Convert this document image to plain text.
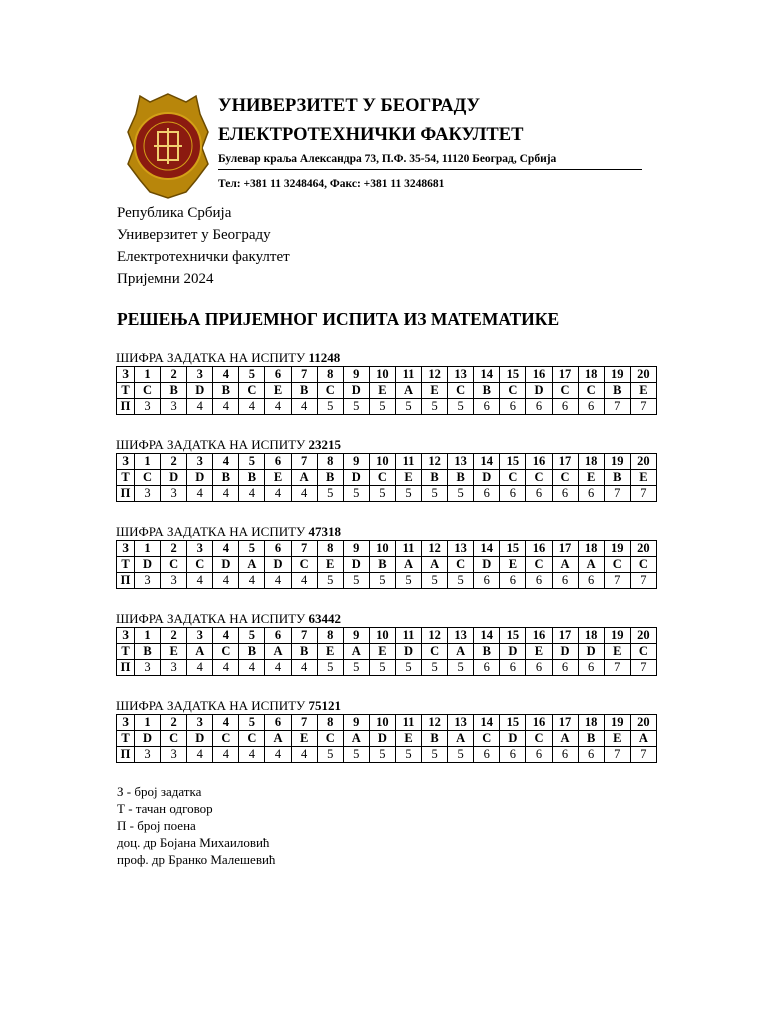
УНИВЕРЗИТЕТ У БЕОГРАДУ
ЕЛЕКТРОТЕХНИЧКИ ФАКУЛТЕТ
Булевар краља Александра 73, П.Ф. 35-54, 11120 Београд, Србија
Тел: +381 11 3248464, Факс: +381 11 3248681
Република Србија
Универзитет у Београду
Електротехнички факултет
Пријемни 2024
РЕШЕЊА ПРИЈЕМНОГ ИСПИТА ИЗ МАТЕМАТИКЕ
ШИФРА ЗАДАТКА НА ИСПИТУ 11248
З	1	2	3	4	5	6	7	8	9	10	11	12	13	14	15	16	17	18	19	20
Т	C	B	D	B	C	E	B	C	D	E	A	E	C	B	C	D	C	C	B	E
П	3	3	4	4	4	4	4	5	5	5	5	5	5	6	6	6	6	6	7	7
ШИФРА ЗАДАТКА НА ИСПИТУ 23215
З	1	2	3	4	5	6	7	8	9	10	11	12	13	14	15	16	17	18	19	20
Т	C	D	D	B	B	E	A	B	D	C	E	B	B	D	C	C	C	E	B	E
П	3	3	4	4	4	4	4	5	5	5	5	5	5	6	6	6	6	6	7	7
ШИФРА ЗАДАТКА НА ИСПИТУ 47318
З	1	2	3	4	5	6	7	8	9	10	11	12	13	14	15	16	17	18	19	20
Т	D	C	C	D	A	D	C	E	D	B	A	A	C	D	E	C	A	A	C	C
П	3	3	4	4	4	4	4	5	5	5	5	5	5	6	6	6	6	6	7	7
ШИФРА ЗАДАТКА НА ИСПИТУ 63442
З	1	2	3	4	5	6	7	8	9	10	11	12	13	14	15	16	17	18	19	20
Т	B	E	A	C	B	A	B	E	A	E	D	C	A	B	D	E	D	D	E	C
П	3	3	4	4	4	4	4	5	5	5	5	5	5	6	6	6	6	6	7	7
ШИФРА ЗАДАТКА НА ИСПИТУ 75121
З	1	2	3	4	5	6	7	8	9	10	11	12	13	14	15	16	17	18	19	20
Т	D	C	D	C	C	A	E	C	A	D	E	B	A	C	D	C	A	B	E	A
П	3	3	4	4	4	4	4	5	5	5	5	5	5	6	6	6	6	6	7	7
З - број задатка
Т - тачан одговор
П - број поена
доц. др Бојана Михаиловић
проф. др Бранко Малешевић
